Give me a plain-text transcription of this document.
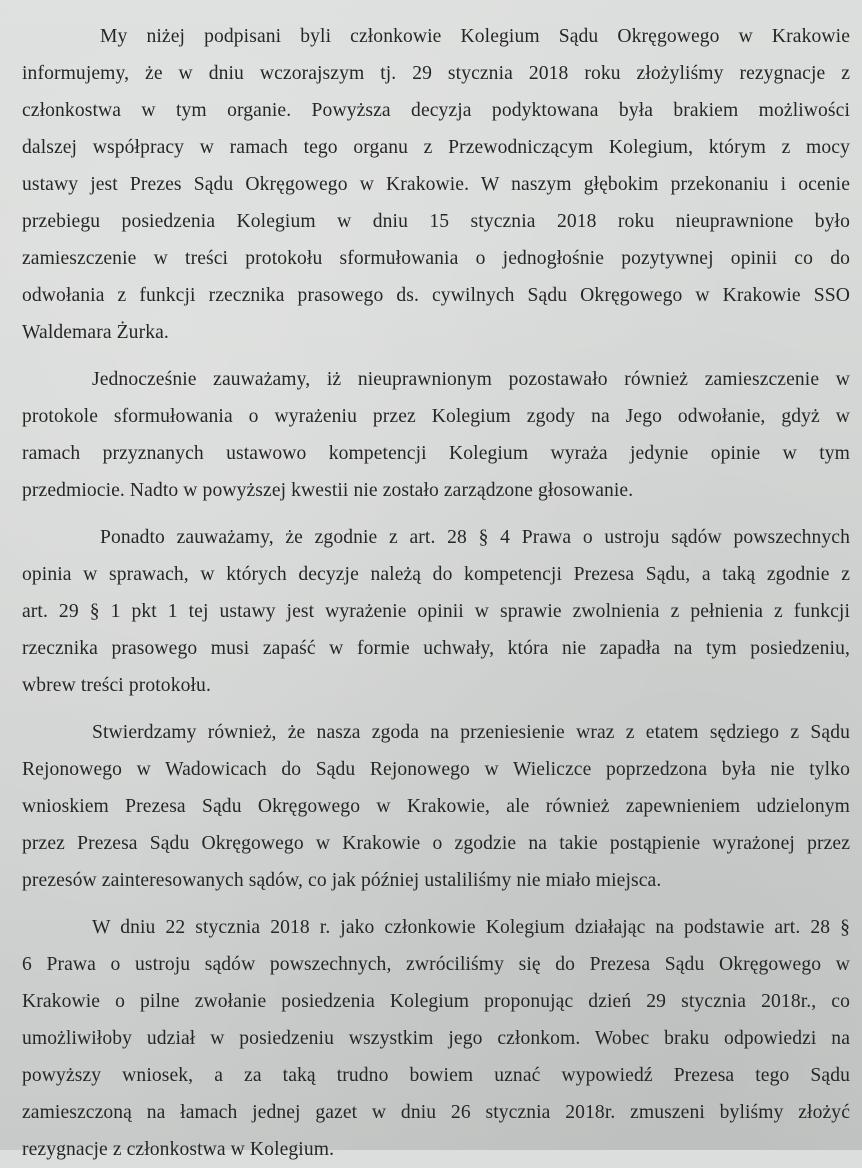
My niżej podpisani byli członkowie Kolegium Sądu Okręgowego w Krakowie
informujemy, że w dniu wczorajszym tj. 29 stycznia 2018 roku złożyliśmy rezygnacje z
członkostwa w tym organie. Powyższa decyzja podyktowana była brakiem możliwości
dalszej współpracy w ramach tego organu z Przewodniczącym Kolegium, którym z mocy
ustawy jest Prezes Sądu Okręgowego w Krakowie. W naszym głębokim przekonaniu i ocenie
przebiegu posiedzenia Kolegium w dniu 15 stycznia 2018 roku nieuprawnione było
zamieszczenie w treści protokołu sformułowania o jednogłośnie pozytywnej opinii co do
odwołania z funkcji rzecznika prasowego ds. cywilnych Sądu Okręgowego w Krakowie SSO
Waldemara Żurka.
Jednocześnie zauważamy, iż nieuprawnionym pozostawało również zamieszczenie w
protokole sformułowania o wyrażeniu przez Kolegium zgody na Jego odwołanie, gdyż w
ramach przyznanych ustawowo kompetencji Kolegium wyraża jedynie opinie w tym
przedmiocie. Nadto w powyższej kwestii nie zostało zarządzone głosowanie.
Ponadto zauważamy, że zgodnie z art. 28 § 4 Prawa o ustroju sądów powszechnych
opinia w sprawach, w których decyzje należą do kompetencji Prezesa Sądu, a taką zgodnie z
art. 29 § 1 pkt 1 tej ustawy jest wyrażenie opinii w sprawie zwolnienia z pełnienia z funkcji
rzecznika prasowego musi zapaść w formie uchwały, która nie zapadła na tym posiedzeniu,
wbrew treści protokołu.
Stwierdzamy również, że nasza zgoda na przeniesienie wraz z etatem sędziego z Sądu
Rejonowego w Wadowicach do Sądu Rejonowego w Wieliczce poprzedzona była nie tylko
wnioskiem Prezesa Sądu Okręgowego w Krakowie, ale również zapewnieniem udzielonym
przez Prezesa Sądu Okręgowego w Krakowie o zgodzie na takie postąpienie wyrażonej przez
prezesów zainteresowanych sądów, co jak później ustaliliśmy nie miało miejsca.
W dniu 22 stycznia 2018 r. jako członkowie Kolegium działając na podstawie art. 28 §
6 Prawa o ustroju sądów powszechnych, zwróciliśmy się do Prezesa Sądu Okręgowego w
Krakowie o pilne zwołanie posiedzenia Kolegium proponując dzień 29 stycznia 2018r., co
umożliwiłoby udział w posiedzeniu wszystkim jego członkom. Wobec braku odpowiedzi na
powyższy wniosek, a za taką trudno bowiem uznać wypowiedź Prezesa tego Sądu
zamieszczoną na łamach jednej gazet w dniu 26 stycznia 2018r. zmuszeni byliśmy złożyć
rezygnacje z członkostwa w Kolegium.
